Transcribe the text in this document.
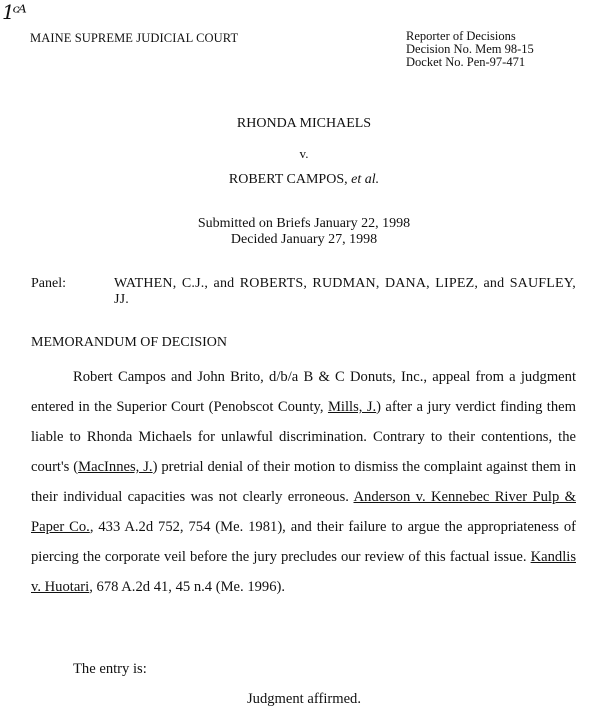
1ᶜᴬ
MAINE SUPREME JUDICIAL COURT	Reporter of Decisions
Decision No. Mem 98-15
Docket No. Pen-97-471
RHONDA MICHAELS
v.
ROBERT CAMPOS, et al.
Submitted on Briefs January 22, 1998
Decided January 27, 1998
Panel:	WATHEN, C.J., and ROBERTS, RUDMAN, DANA, LIPEZ, and SAUFLEY, JJ.
MEMORANDUM OF DECISION

Robert Campos and John Brito, d/b/a B & C Donuts, Inc., appeal from a judgment entered in the Superior Court (Penobscot County, Mills, J.) after a jury verdict finding them liable to Rhonda Michaels for unlawful discrimination. Contrary to their contentions, the court's (MacInnes, J.) pretrial denial of their motion to dismiss the complaint against them in their individual capacities was not clearly erroneous. Anderson v. Kennebec River Pulp & Paper Co., 433 A.2d 752, 754 (Me. 1981), and their failure to argue the appropriateness of piercing the corporate veil before the jury precludes our review of this factual issue. Kandlis v. Huotari, 678 A.2d 41, 45 n.4 (Me. 1996).

The entry is:
Judgment affirmed.
